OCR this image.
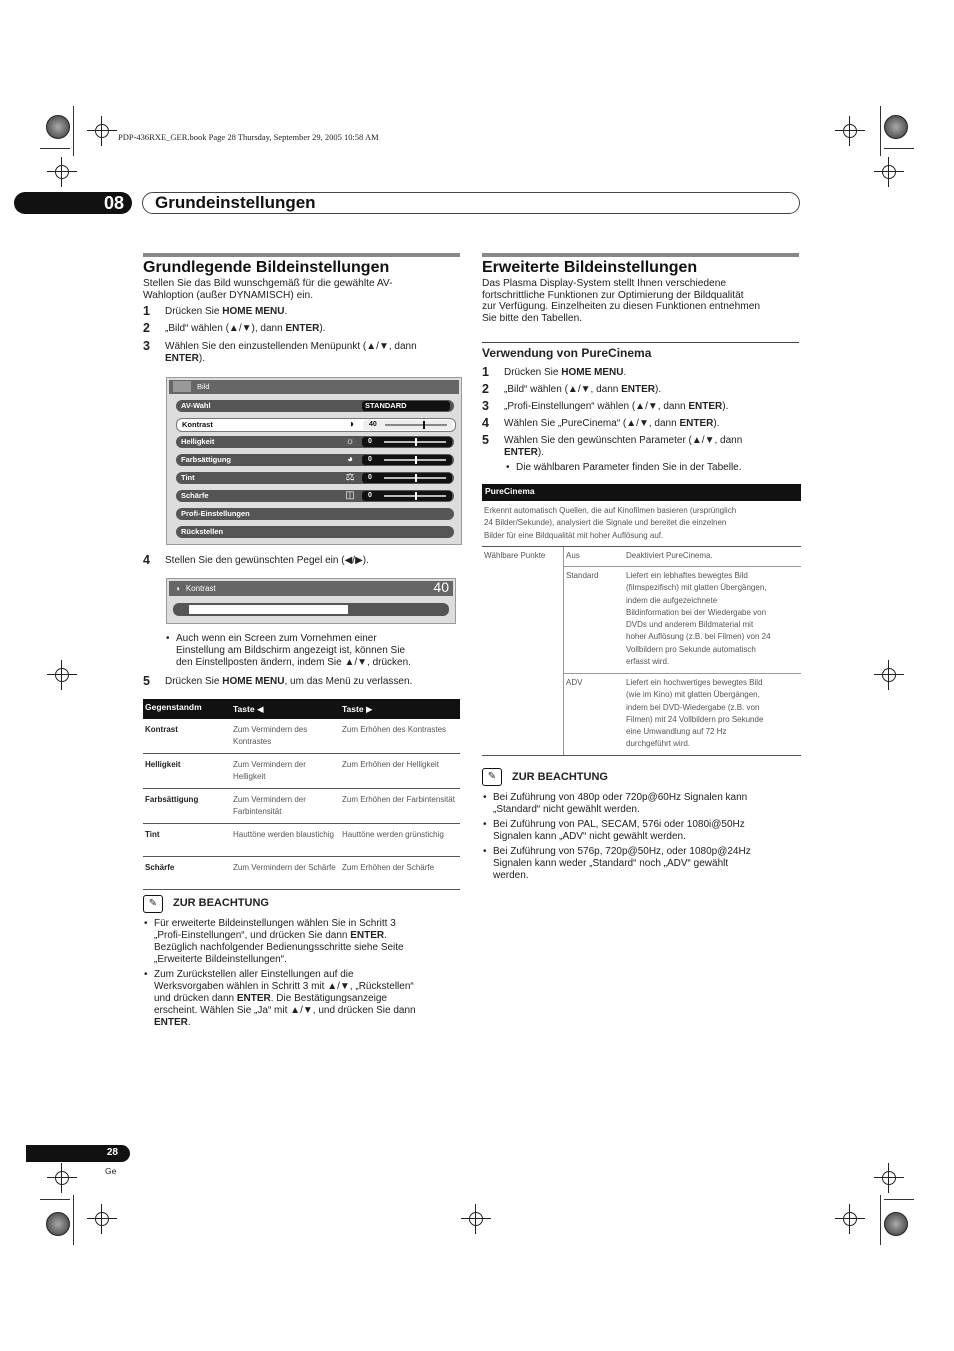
PDP-436RXE_GER.book Page 28 Thursday, September 29, 2005 10:58 AM
08	Grundeinstellungen
Grundlegende Bildeinstellungen
Stellen Sie das Bild wunschgemäß für die gewählte AV-
Wahloption (außer DYNAMISCH) ein.
1 Drücken Sie HOME MENU.
2 „Bild“ wählen (▲/▼), dann ENTER).
3 Wählen Sie den einzustellenden Menüpunkt (▲/▼, dann
ENTER).
Bild
AV-Wahl	STANDARD
Kontrast	◑	40
Helligkeit	☼ 0
Farbsättigung	◕	0
Tint	⚖ 0
Schärfe	◫ 0
Profi-Einstellungen
Rückstellen
4 Stellen Sie den gewünschten Pegel ein (◀/▶).
◑ Kontrast	40
• Auch wenn ein Screen zum Vornehmen einer
Einstellung am Bildschirm angezeigt ist, können Sie
den Einstellposten ändern, indem Sie ▲/▼, drücken.
5 Drücken Sie HOME MENU, um das Menü zu verlassen.
Gegenstandm	Taste ◀	Taste ▶
Kontrast	Zum Vermindern des Kontrastes	Zum Erhöhen des Kontrastes
Helligkeit	Zum Vermindern der Helligkeit	Zum Erhöhen der Helligkeit
Farbsättigung	Zum Vermindern der Farbintensität	Zum Erhöhen der Farbintensität
Tint	Hauttöne werden blaustichig	Hauttöne werden grünstichig
Schärfe	Zum Vermindern der Schärfe	Zum Erhöhen der Schärfe
✎	ZUR BEACHTUNG
• Für erweiterte Bildeinstellungen wählen Sie in Schritt 3
„Profi-Einstellungen“, und drücken Sie dann ENTER.
Bezüglich nachfolgender Bedienungsschritte siehe Seite
„Erweiterte Bildeinstellungen“.
• Zum Zurückstellen aller Einstellungen auf die
Werksvorgaben wählen in Schritt 3 mit ▲/▼, „Rückstellen“
und drücken dann ENTER. Die Bestätigungsanzeige
erscheint. Wählen Sie „Ja“ mit ▲/▼, und drücken Sie dann
ENTER.
Erweiterte Bildeinstellungen
Das Plasma Display-System stellt Ihnen verschiedene
fortschrittliche Funktionen zur Optimierung der Bildqualität
zur Verfügung. Einzelheiten zu diesen Funktionen entnehmen
Sie bitte den Tabellen.
Verwendung von PureCinema
1 Drücken Sie HOME MENU.
2 „Bild“ wählen (▲/▼, dann ENTER).
3 „Profi-Einstellungen“ wählen (▲/▼, dann ENTER).
4 Wählen Sie „PureCinema“ (▲/▼, dann ENTER).
5 Wählen Sie den gewünschten Parameter (▲/▼, dann
ENTER).
• Die wählbaren Parameter finden Sie in der Tabelle.
PureCinema
Erkennt automatisch Quellen, die auf Kinofilmen basieren (ursprünglich
24 Bilder/Sekunde), analysiert die Signale und bereitet die einzelnen
Bilder für eine Bildqualität mit hoher Auflösung auf.
Wählbare Punkte	Aus	Deaktiviert PureCinema.
Standard	Liefert ein lebhaftes bewegtes Bild
(filmspezifisch) mit glatten Übergängen,
indem die aufgezeichnete
Bildinformation bei der Wiedergabe von
DVDs und anderem Bildmaterial mit
hoher Auflösung (z.B. bei Filmen) von 24
Vollbildern pro Sekunde automatisch
erfasst wird.
ADV	Liefert ein hochwertiges bewegtes Bild
(wie im Kino) mit glatten Übergängen,
indem bei DVD-Wiedergabe (z.B. von
Filmen) mit 24 Vollbildern pro Sekunde
eine Umwandlung auf 72 Hz
durchgeführt wird.
✎	ZUR BEACHTUNG
• Bei Zuführung von 480p oder 720p@60Hz Signalen kann
„Standard“ nicht gewählt werden.
• Bei Zuführung von PAL, SECAM, 576i oder 1080i@50Hz
Signalen kann „ADV“ nicht gewählt werden.
• Bei Zuführung von 576p, 720p@50Hz, oder 1080p@24Hz
Signalen kann weder „Standard“ noch „ADV“ gewählt
werden.
28
Ge
